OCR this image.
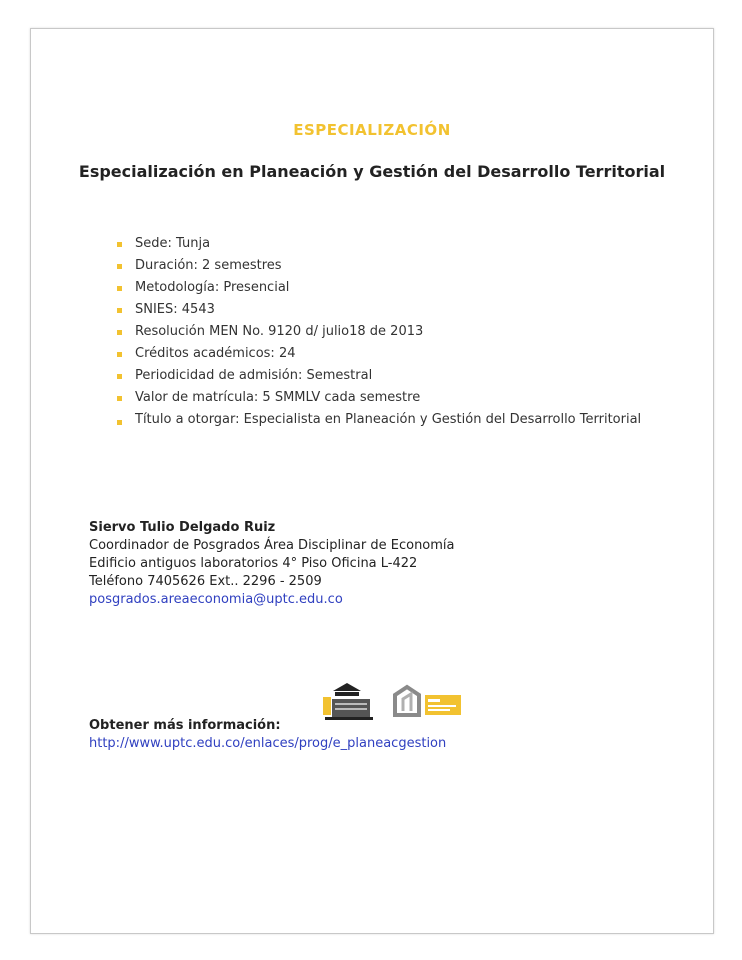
ESPECIALIZACIÓN
Especialización en Planeación y Gestión del Desarrollo Territorial
Sede: Tunja
Duración: 2 semestres
Metodología: Presencial
SNIES: 4543
Resolución MEN No. 9120 d/ julio18 de 2013
Créditos académicos: 24
Periodicidad de admisión: Semestral
Valor de matrícula: 5 SMMLV cada semestre
Título a otorgar: Especialista en Planeación y Gestión del Desarrollo Territorial
Siervo Tulio Delgado Ruiz
Coordinador de Posgrados Área Disciplinar de Economía
Edificio antiguos laboratorios 4° Piso Oficina L-422
Teléfono 7405626 Ext.. 2296 - 2509
posgrados.areaeconomia@uptc.edu.co
Obtener más información:
http://www.uptc.edu.co/enlaces/prog/e_planeacgestion
